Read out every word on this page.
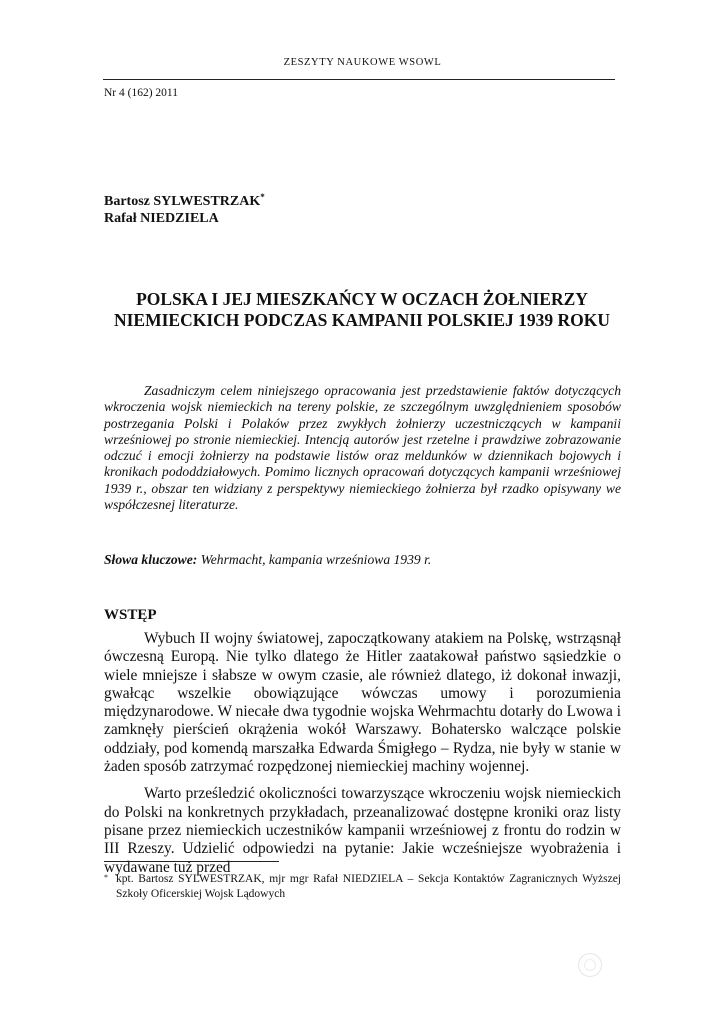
ZESZYTY NAUKOWE WSOWL
Nr 4 (162) 2011
Bartosz SYLWESTRZAK*
Rafał NIEDZIELA
POLSKA I JEJ MIESZKAŃCY W OCZACH ŻOŁNIERZY
NIEMIECKICH PODCZAS KAMPANII POLSKIEJ 1939 ROKU
Zasadniczym celem niniejszego opracowania jest przedstawienie faktów dotyczących wkroczenia wojsk niemieckich na tereny polskie, ze szczególnym uwzględnieniem sposobów postrzegania Polski i Polaków przez zwykłych żołnierzy uczestniczących w kampanii wrześniowej po stronie niemieckiej. Intencją autorów jest rzetelne i prawdziwe zobrazowanie odczuć i emocji żołnierzy na podstawie listów oraz meldunków w dziennikach bojowych i kronikach pododdziałowych. Pomimo licznych opracowań dotyczących kampanii wrześniowej 1939 r., obszar ten widziany z perspektywy niemieckiego żołnierza był rzadko opisywany we współczesnej literaturze.
Słowa kluczowe: Wehrmacht, kampania wrześniowa 1939 r.
WSTĘP

Wybuch II wojny światowej, zapoczątkowany atakiem na Polskę, wstrząsnął ówczesną Europą. Nie tylko dlatego że Hitler zaatakował państwo sąsiedzkie o wiele mniejsze i słabsze w owym czasie, ale również dlatego, iż dokonał inwazji, gwałcąc wszelkie obowiązujące wówczas umowy i porozumienia międzynarodowe. W niecałe dwa tygodnie wojska Wehrmachtu dotarły do Lwowa i zamknęły pierścień okrążenia wokół Warszawy. Bohatersko walczące polskie oddziały, pod komendą marszałka Edwarda Śmigłego – Rydza, nie były w stanie w żaden sposób zatrzymać rozpędzonej niemieckiej machiny wojennej.

Warto prześledzić okoliczności towarzyszące wkroczeniu wojsk niemieckich do Polski na konkretnych przykładach, przeanalizować dostępne kroniki oraz listy pisane przez niemieckich uczestników kampanii wrześniowej z frontu do rodzin w III Rzeszy. Udzielić odpowiedzi na pytanie: Jakie wcześniejsze wyobrażenia i wydawane tuż przed

* kpt. Bartosz SYLWESTRZAK, mjr mgr Rafał NIEDZIELA – Sekcja Kontaktów Zagranicznych Wyższej Szkoły Oficerskiej Wojsk Lądowych
